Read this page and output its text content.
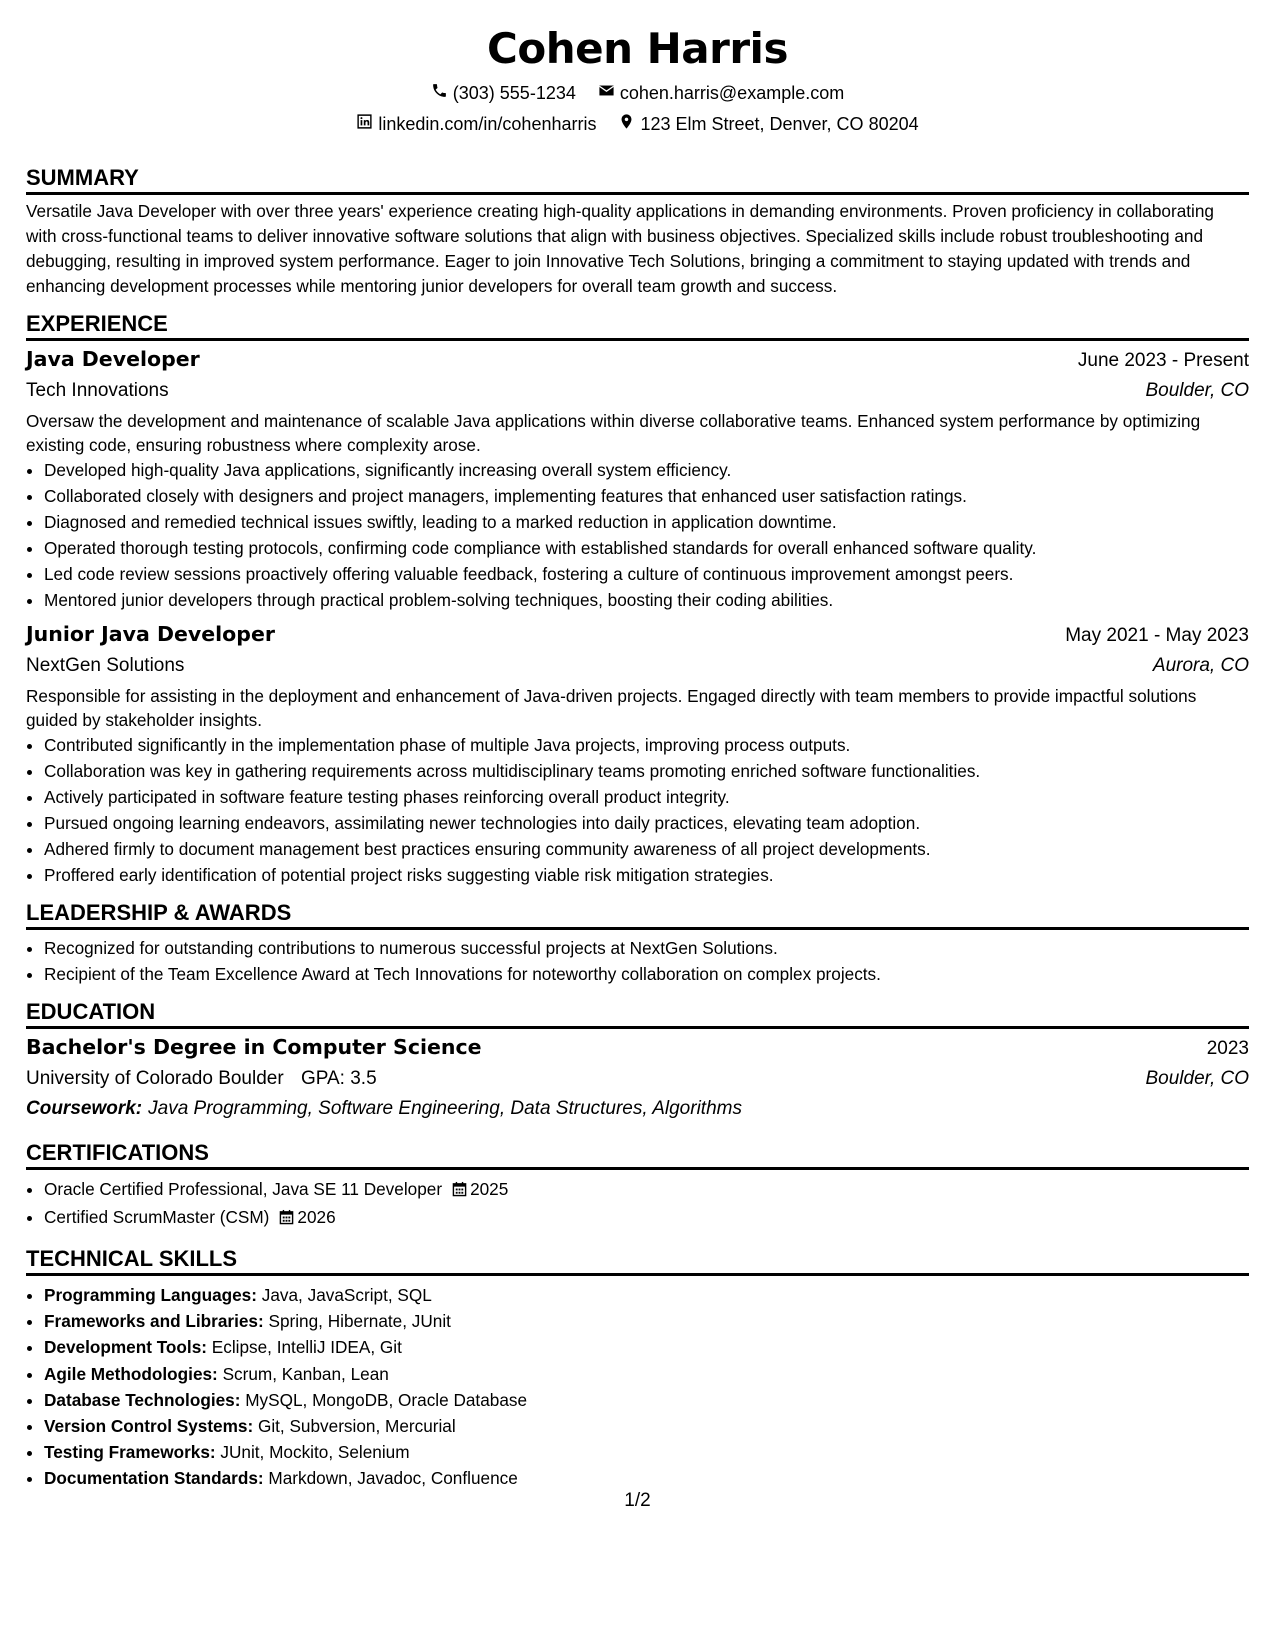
Cohen Harris
(303) 555-1234 cohen.harris@example.com
linkedin.com/in/cohenharris 123 Elm Street, Denver, CO 80204
SUMMARY
Versatile Java Developer with over three years' experience creating high-quality applications in demanding environments. Proven proficiency in collaborating with cross-functional teams to deliver innovative software solutions that align with business objectives. Specialized skills include robust troubleshooting and debugging, resulting in improved system performance. Eager to join Innovative Tech Solutions, bringing a commitment to staying updated with trends and enhancing development processes while mentoring junior developers for overall team growth and success.
EXPERIENCE
Java Developer	June 2023 - Present
Tech Innovations	Boulder, CO
Oversaw the development and maintenance of scalable Java applications within diverse collaborative teams. Enhanced system performance by optimizing existing code, ensuring robustness where complexity arose.
• Developed high-quality Java applications, significantly increasing overall system efficiency.
• Collaborated closely with designers and project managers, implementing features that enhanced user satisfaction ratings.
• Diagnosed and remedied technical issues swiftly, leading to a marked reduction in application downtime.
• Operated thorough testing protocols, confirming code compliance with established standards for overall enhanced software quality.
• Led code review sessions proactively offering valuable feedback, fostering a culture of continuous improvement amongst peers.
• Mentored junior developers through practical problem-solving techniques, boosting their coding abilities.
Junior Java Developer	May 2021 - May 2023
NextGen Solutions	Aurora, CO
Responsible for assisting in the deployment and enhancement of Java-driven projects. Engaged directly with team members to provide impactful solutions guided by stakeholder insights.
• Contributed significantly in the implementation phase of multiple Java projects, improving process outputs.
• Collaboration was key in gathering requirements across multidisciplinary teams promoting enriched software functionalities.
• Actively participated in software feature testing phases reinforcing overall product integrity.
• Pursued ongoing learning endeavors, assimilating newer technologies into daily practices, elevating team adoption.
• Adhered firmly to document management best practices ensuring community awareness of all project developments.
• Proffered early identification of potential project risks suggesting viable risk mitigation strategies.
LEADERSHIP & AWARDS
• Recognized for outstanding contributions to numerous successful projects at NextGen Solutions.
• Recipient of the Team Excellence Award at Tech Innovations for noteworthy collaboration on complex projects.
EDUCATION
Bachelor's Degree in Computer Science	2023
University of Colorado Boulder GPA: 3.5	Boulder, CO
Coursework: Java Programming, Software Engineering, Data Structures, Algorithms
CERTIFICATIONS
• Oracle Certified Professional, Java SE 11 Developer 2025
• Certified ScrumMaster (CSM) 2026
TECHNICAL SKILLS
• Programming Languages: Java, JavaScript, SQL
• Frameworks and Libraries: Spring, Hibernate, JUnit
• Development Tools: Eclipse, IntelliJ IDEA, Git
• Agile Methodologies: Scrum, Kanban, Lean
• Database Technologies: MySQL, MongoDB, Oracle Database
• Version Control Systems: Git, Subversion, Mercurial
• Testing Frameworks: JUnit, Mockito, Selenium
• Documentation Standards: Markdown, Javadoc, Confluence
1/2
